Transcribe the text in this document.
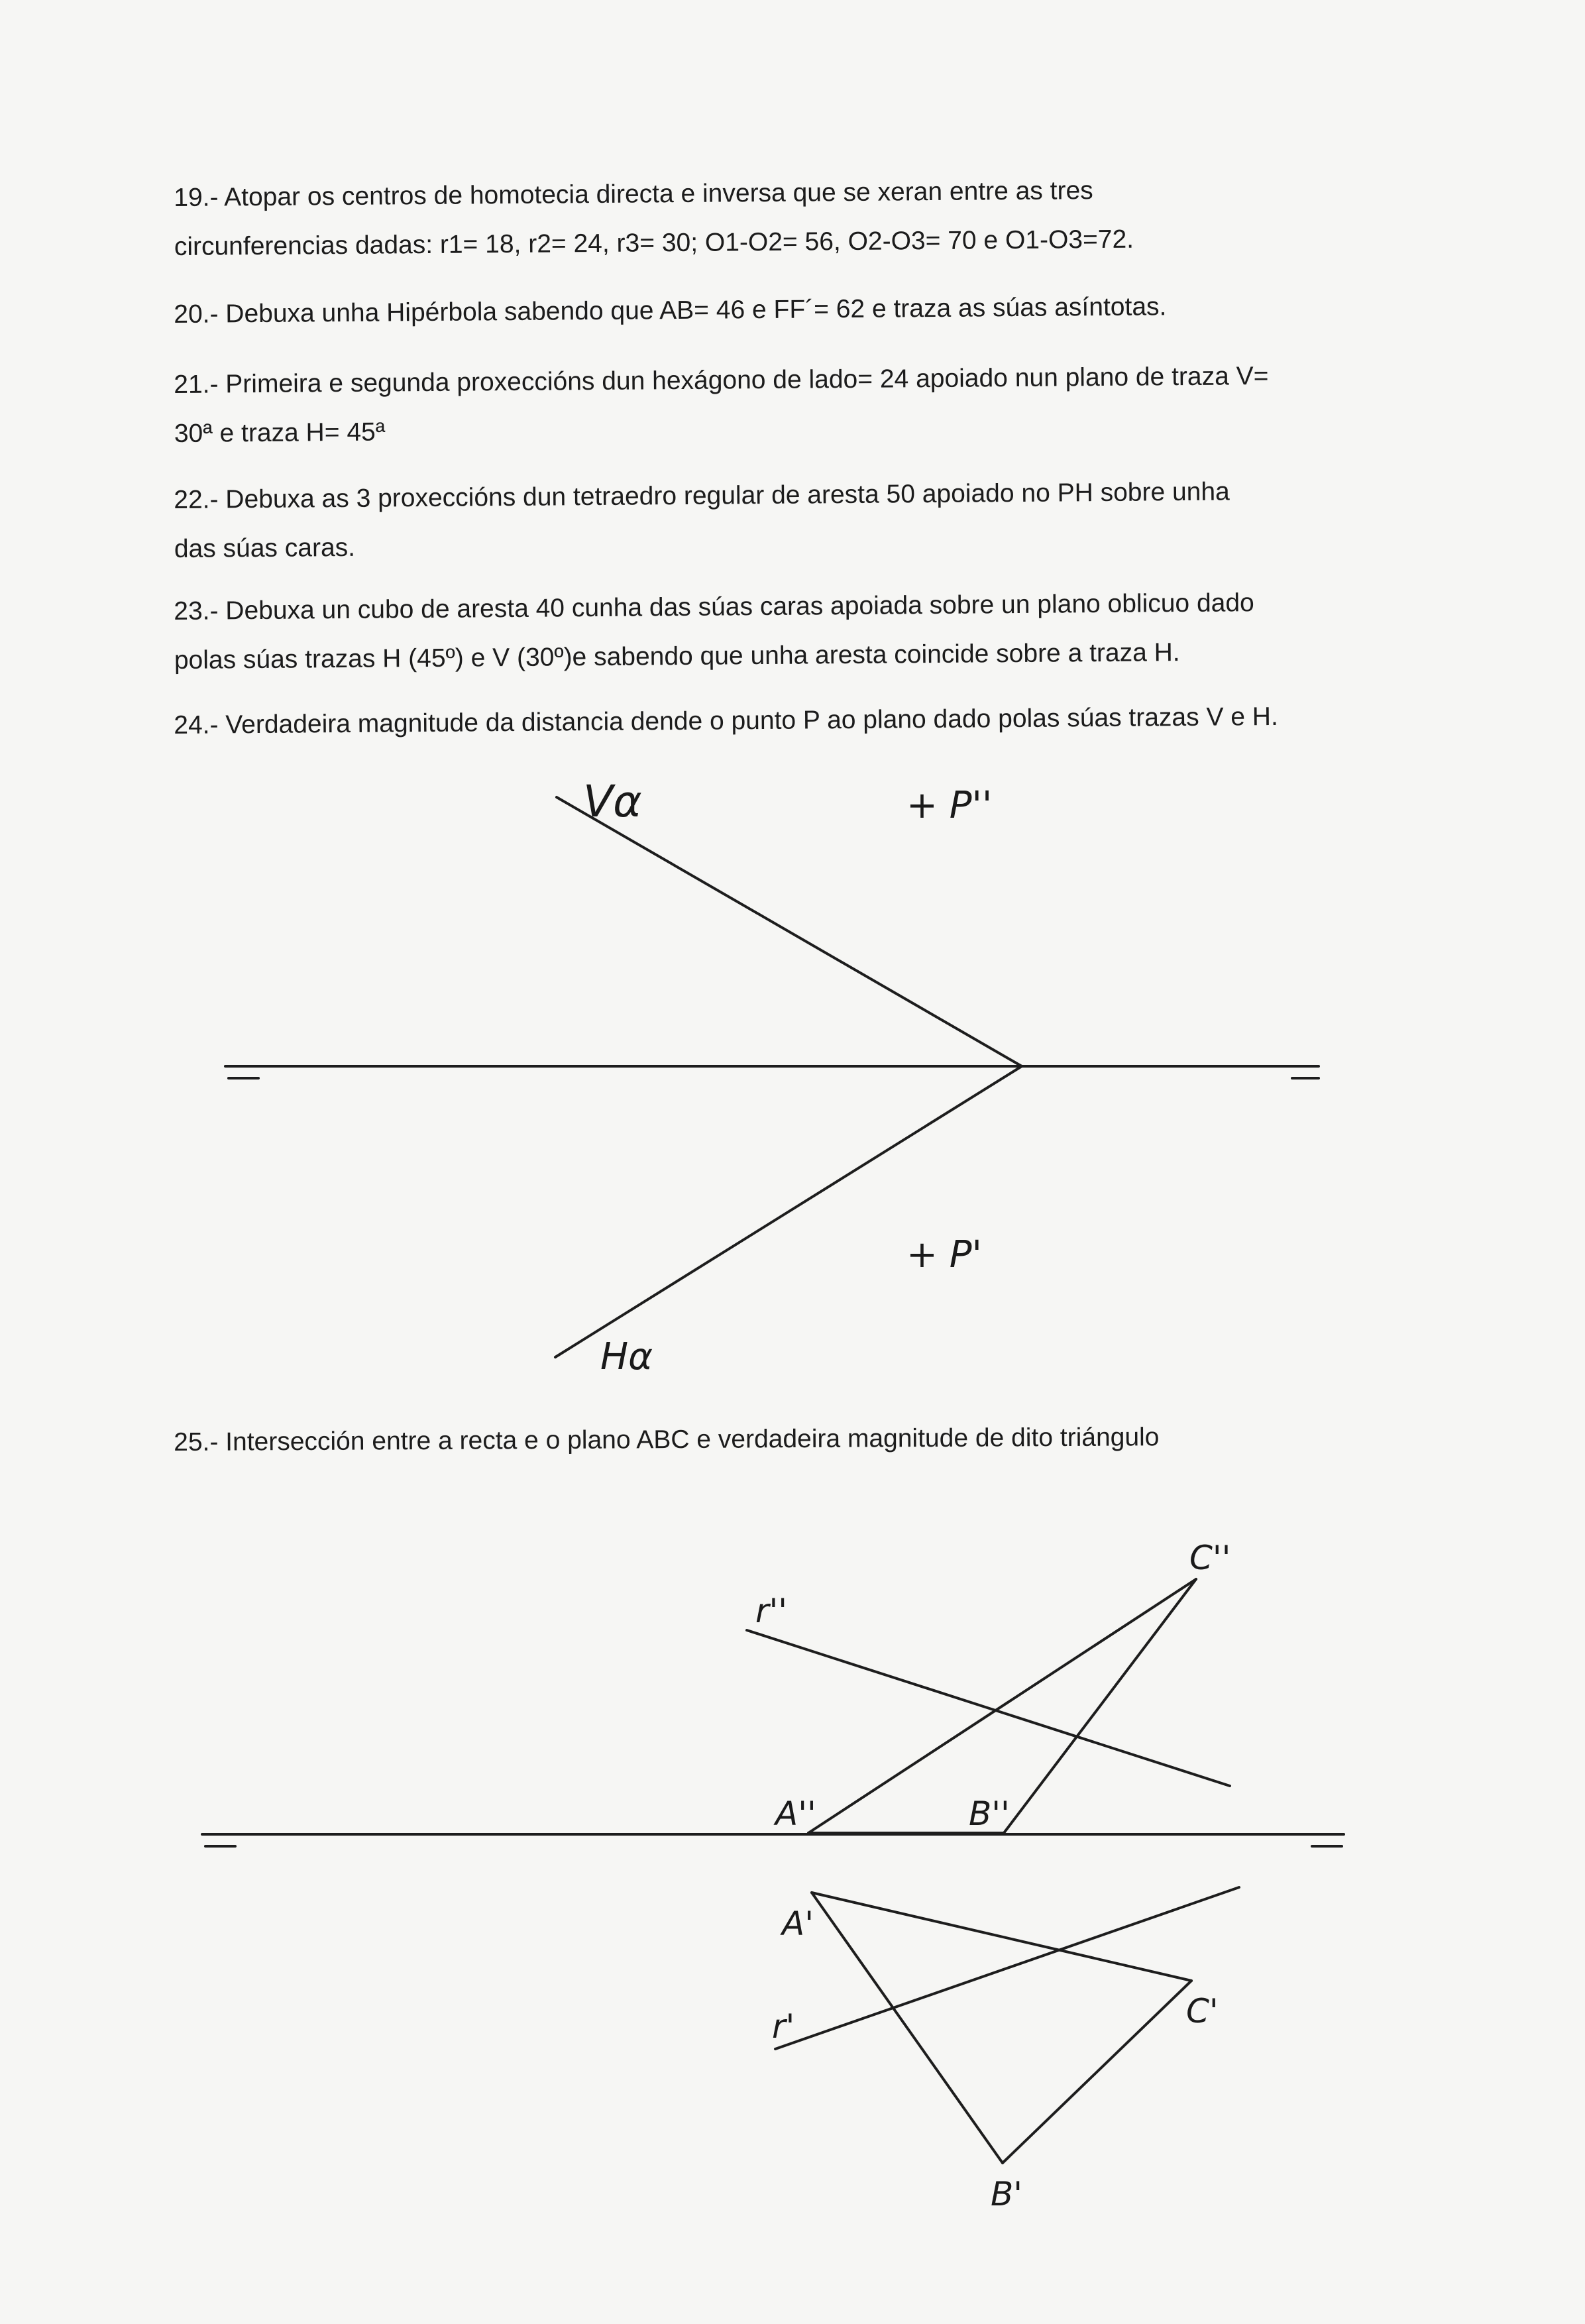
19.- Atopar os centros de homotecia directa e inversa que se xeran entre as tres
circunferencias dadas: r1= 18, r2= 24, r3= 30; O1-O2= 56, O2-O3= 70 e O1-O3=72.
20.- Debuxa unha Hipérbola sabendo que AB= 46 e FF´= 62 e traza as súas asíntotas.
21.- Primeira e segunda proxeccións dun hexágono de lado= 24 apoiado nun plano de traza V=
30ª e traza H= 45ª
22.- Debuxa as 3 proxeccións dun tetraedro regular de aresta 50 apoiado no PH sobre unha
das súas caras.
23.- Debuxa un cubo de aresta 40 cunha das súas caras apoiada sobre un plano oblicuo dado
polas súas trazas H (45º) e V (30º)e sabendo que unha aresta coincide sobre a traza H.
24.- Verdadeira magnitude da distancia dende o punto P ao plano dado polas súas trazas V e H.
Vα	+ P''
+ P'
Hα
25.- Intersección entre a recta e o plano ABC e verdadeira magnitude de dito triángulo
C''
r''
A''	B''
A'
r'	C'
B'
